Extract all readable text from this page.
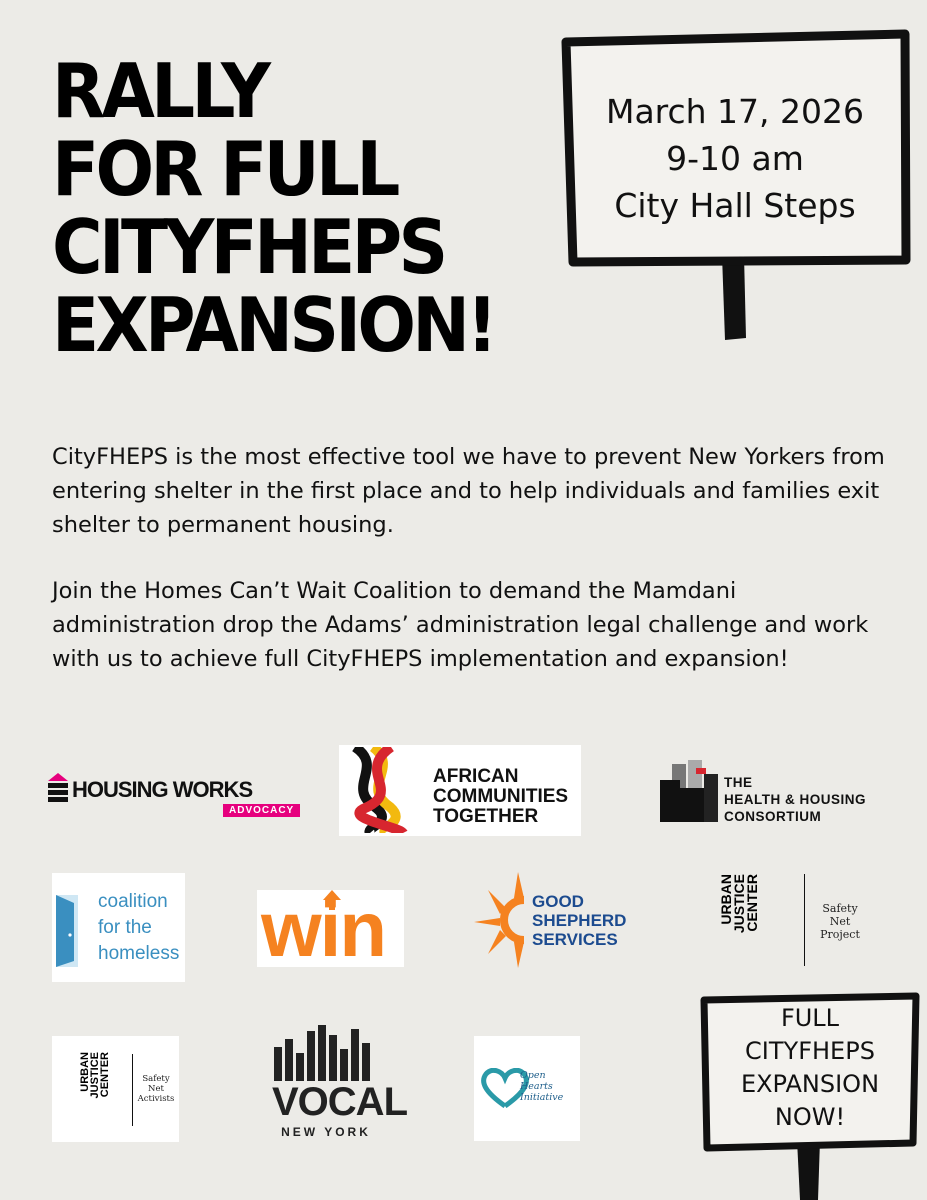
RALLY
FOR FULL
CITYFHEPS
EXPANSION!
March 17, 2026
9-10 am
City Hall Steps

CityFHEPS is the most effective tool we have to prevent New Yorkers from entering shelter in the first place and to help individuals and families exit shelter to permanent housing.

Join the Homes Can’t Wait Coalition to demand the Mamdani administration drop the Adams’ administration legal challenge and work with us to achieve full CityFHEPS implementation and expansion!

HOUSING WORKS
ADVOCACY
AFRICAN
COMMUNITIES
TOGETHER
THE
HEALTH & HOUSING
CONSORTIUM
coalition
for the
homeless win	GOOD
SHEPHERD
SERVICES
URBAN
JUSTICE
CENTER	Safety
Net
Project
URBAN
JUSTICE
CENTER	Safety
Net
Activists VOCAL
NEW YORK
Open
Hearts
Initiative
FULL
CITYFHEPS
EXPANSION
NOW!
